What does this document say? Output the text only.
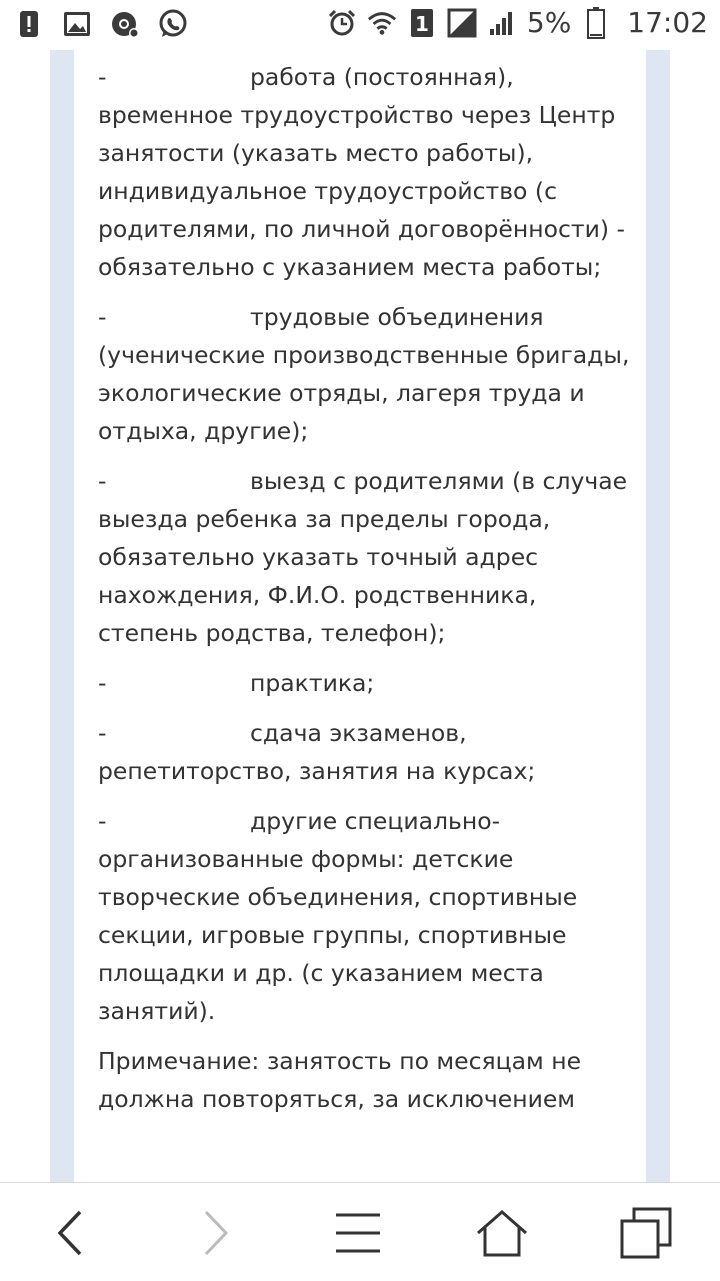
1	5% 17:02

-	работа (постоянная), временное трудоустройство через Центр занятости (указать место работы), индивидуальное трудоустройство (с родителями, по личной договорённости) - обязательно с указанием места работы;

-	трудовые объединения (ученические производственные бригады, экологические отряды, лагеря труда и отдыха, другие);

-	выезд с родителями (в случае выезда ребенка за пределы города, обязательно указать точный адрес нахождения, Ф.И.О. родственника, степень родства, телефон);

-	практика;

-	сдача экзаменов, репетиторство, занятия на курсах;

-	другие специально-организованные формы: детские творческие объединения, спортивные секции, игровые группы, спортивные площадки и др. (с указанием места занятий).

Примечание: занятость по месяцам не должна повторяться, за исключением
